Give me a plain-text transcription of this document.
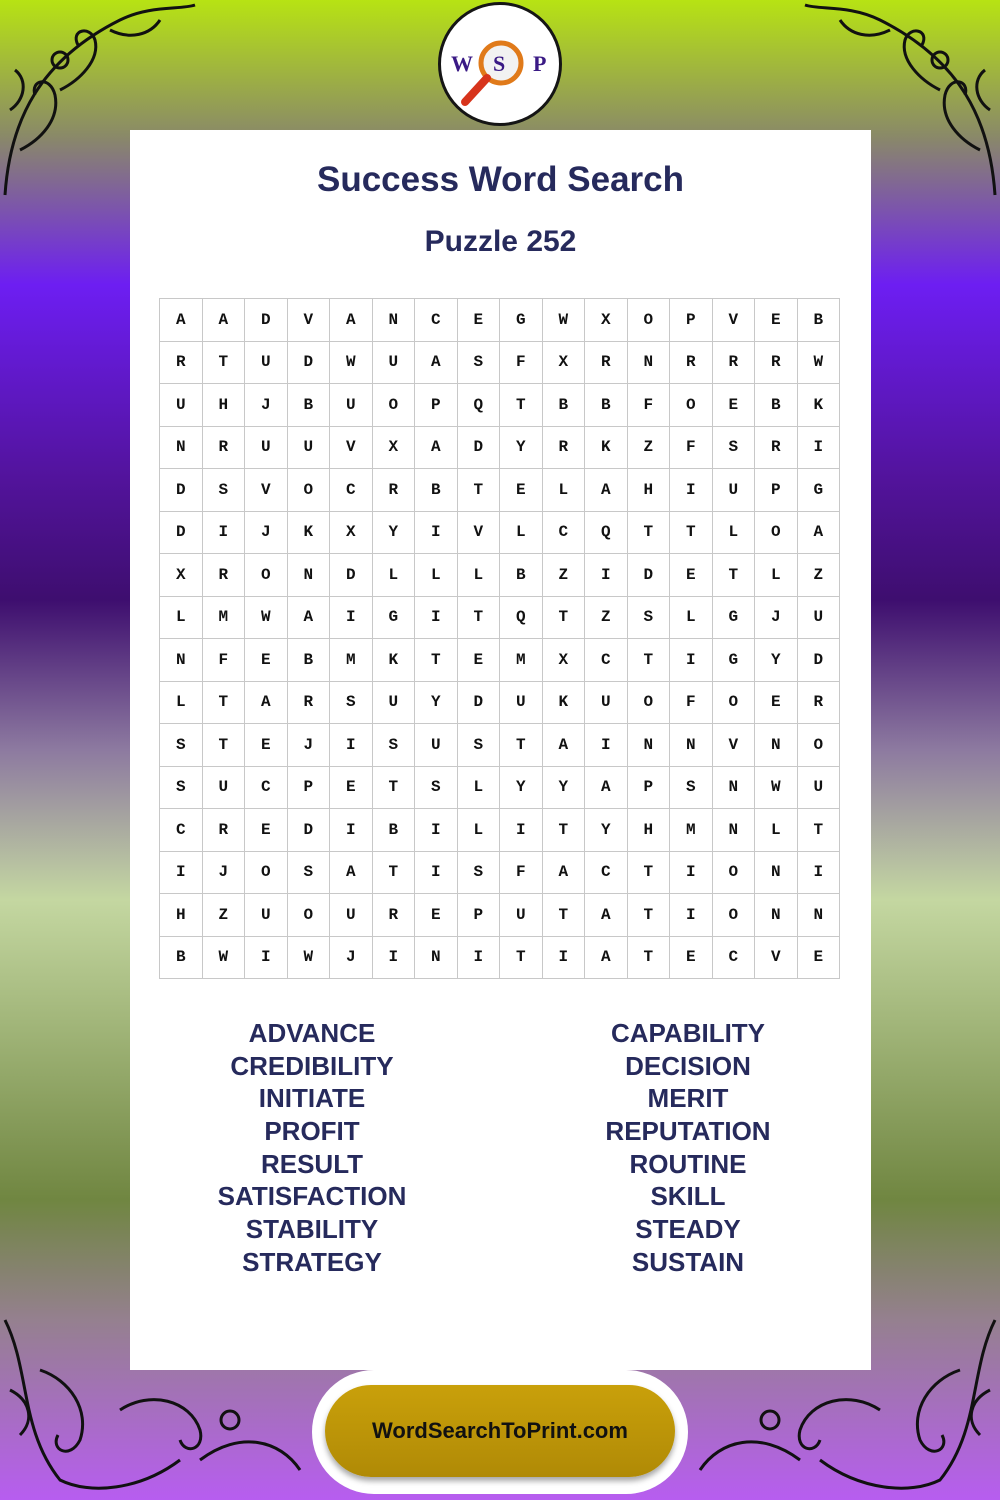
W S P
Success Word Search
Puzzle 252
A	A	D	V	A	N	C	E	G	W	X	O	P	V	E	B
R	T	U	D	W	U	A	S	F	X	R	N	R	R	R	W
U	H	J	B	U	O	P	Q	T	B	B	F	O	E	B	K
N	R	U	U	V	X	A	D	Y	R	K	Z	F	S	R	I
D	S	V	O	C	R	B	T	E	L	A	H	I	U	P	G
D	I	J	K	X	Y	I	V	L	C	Q	T	T	L	O	A
X	R	O	N	D	L	L	L	B	Z	I	D	E	T	L	Z
L	M	W	A	I	G	I	T	Q	T	Z	S	L	G	J	U
N	F	E	B	M	K	T	E	M	X	C	T	I	G	Y	D
L	T	A	R	S	U	Y	D	U	K	U	O	F	O	E	R
S	T	E	J	I	S	U	S	T	A	I	N	N	V	N	O
S	U	C	P	E	T	S	L	Y	Y	A	P	S	N	W	U
C	R	E	D	I	B	I	L	I	T	Y	H	M	N	L	T
I	J	O	S	A	T	I	S	F	A	C	T	I	O	N	I
H	Z	U	O	U	R	E	P	U	T	A	T	I	O	N	N
B	W	I	W	J	I	N	I	T	I	A	T	E	C	V	E
ADVANCE
CREDIBILITY
INITIATE
PROFIT
RESULT
SATISFACTION
STABILITY
STRATEGY
CAPABILITY
DECISION
MERIT
REPUTATION
ROUTINE
SKILL
STEADY
SUSTAIN
WordSearchToPrint.com
